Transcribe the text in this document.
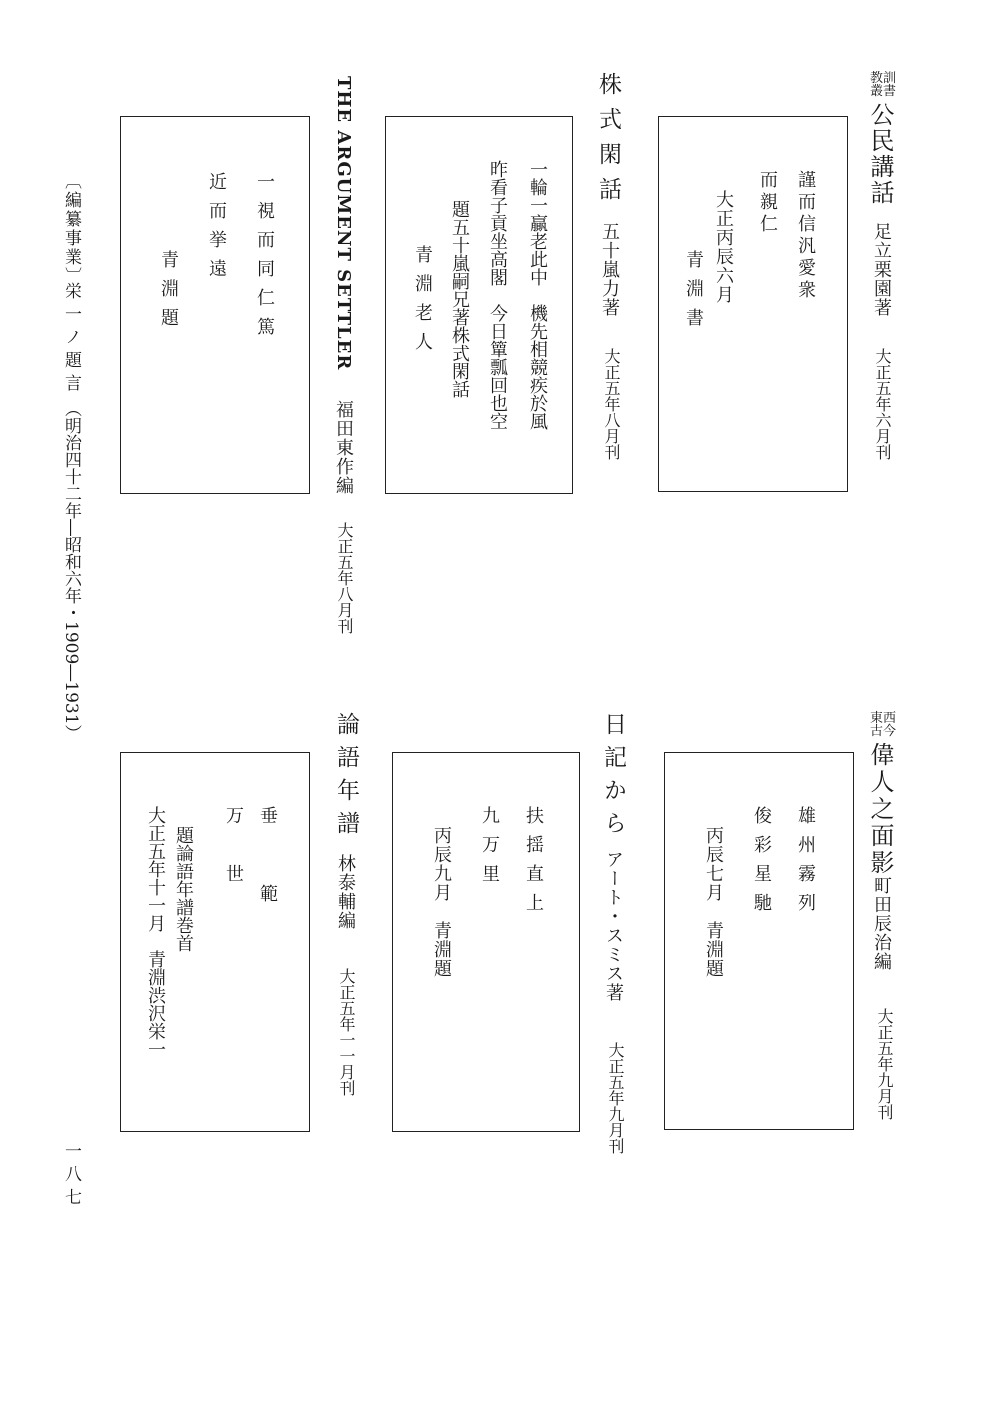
教訓
叢書
公民講話
足立栗園著
大正五年六月刊
謹而信汎愛衆
而親仁
大正丙辰六月
青淵書
株式閑話
五十嵐力著
大正五年八月刊
一輪一贏老此中　機先相競疾於風
昨看子貢坐高閣　今日簞瓢回也空
題五十嵐嗣兄著株式閑話
青淵老人
THE ARGUMENT SETTLER
福田東作編
大正五年八月刊
一視而同仁篤
近而挙遠
青淵題
東西
古今
偉人之面影
町田辰治編
大正五年九月刊
雄州霧列
俊彩星馳
丙辰七月　青淵題
日記から
アート・スミス著
大正五年九月刊
扶揺直上
九万里
丙辰九月　青淵題
論語年譜
林泰輔編
大正五年一一月刊
垂範
万世
題論語年譜巻首
大正五年十一月　青淵渋沢栄一
〔編纂事業〕
栄一ノ題言
（明治四十二年―昭和六年・1909―1931）
一八七
